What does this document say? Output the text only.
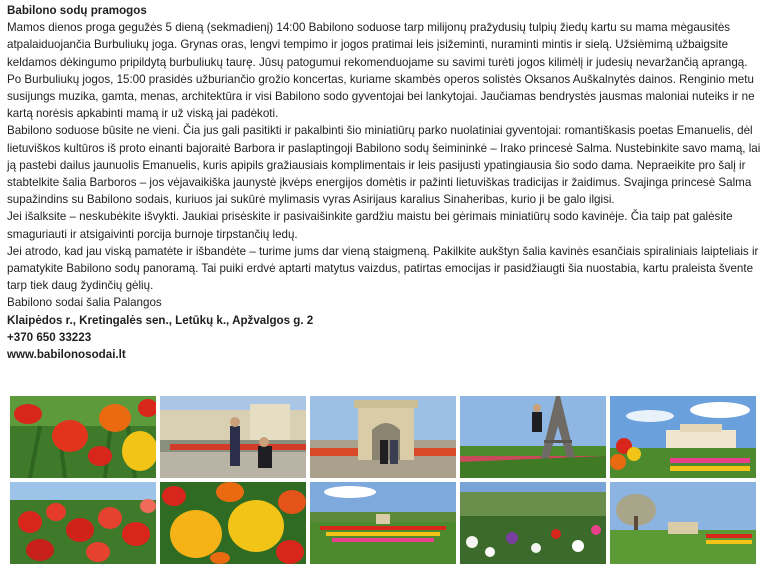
Babilono sodų pramogos

Mamos dienos proga gegužės 5 dieną (sekmadienį) 14:00 Babilono soduose tarp milijonų pražydusių tulpių žiedų kartu su mama mėgausitės atpalaiduojančia Burbuliukų joga. Grynas oras, lengvi tempimo ir jogos pratimai leis įsižeminti, nuraminti mintis ir sielą. Užsiėmimą užbaigsite keldamos dėkingumo pripildytą burbuliukų taurę. Jūsų patogumui rekomenduojame su savimi turėti jogos kilimėlį ir judesių nevaržančią aprangą.

Po Burbuliukų jogos, 15:00 prasidės užburiančio grožio koncertas, kuriame skambės operos solistės Oksanos Auškalnytės dainos. Renginio metu susijungs muzika, gamta, menas, architektūra ir visi Babilono sodo gyventojai bei lankytojai. Jaučiamas bendrystės jausmas maloniai nuteiks ir ne kartą norėsis apkabinti mamą ir už viską jai padėkoti.

Babilono soduose būsite ne vieni. Čia jus gali pasitikti ir pakalbinti šio miniatiūrų parko nuolatiniai gyventojai: romantiškasis poetas Emanuelis, dėl lietuviškos kultūros iš proto einanti bajoraitė Barbora ir paslaptingoji Babilono sodų šeimininkė – Irako princesė Salma. Nustebinkite savo mamą, lai ją pastebi dailus jaunuolis Emanuelis, kuris apipils gražiausiais komplimentais ir leis pasijusti ypatingiausia šio sodo dama. Nepraeikite pro šalį ir stabtelkite šalia Barboros – jos vėjavaikiška jaunystė įkvėps energijos domėtis ir pažinti lietuviškas tradicijas ir žaidimus. Svajinga princesė Salma supažindins su Babilono sodais, kuriuos jai sukūrė mylimasis vyras Asirijaus karalius Sinaheribas, kurio ji be galo ilgisi.

Jei išalksite – neskubėkite išvykti. Jaukiai prisėskite ir pasivaišinkite gardžiu maistu bei gėrimais miniatiūrų sodo kavinėje. Čia taip pat galėsite smaguriauti ir atsigaivinti porcija burnoje tirpstančių ledų.

Jei atrodo, kad jau viską pamatėte ir išbandėte – turime jums dar vieną staigmeną. Pakilkite aukštyn šalia kavinės esančiais spiraliniais laipteliais ir pamatykite Babilono sodų panoramą. Tai puiki erdvė aptarti matytus vaizdus, patirtas emocijas ir pasidžiaugti šia nuostabia, kartu praleista švente tarp tiek daug žydinčių gėlių.

Babilono sodai šalia Palangos

Klaipėdos r., Kretingalės sen., Letūkų k., Apžvalgos g. 2

+370 650 33223

www.babilonosodai.lt
